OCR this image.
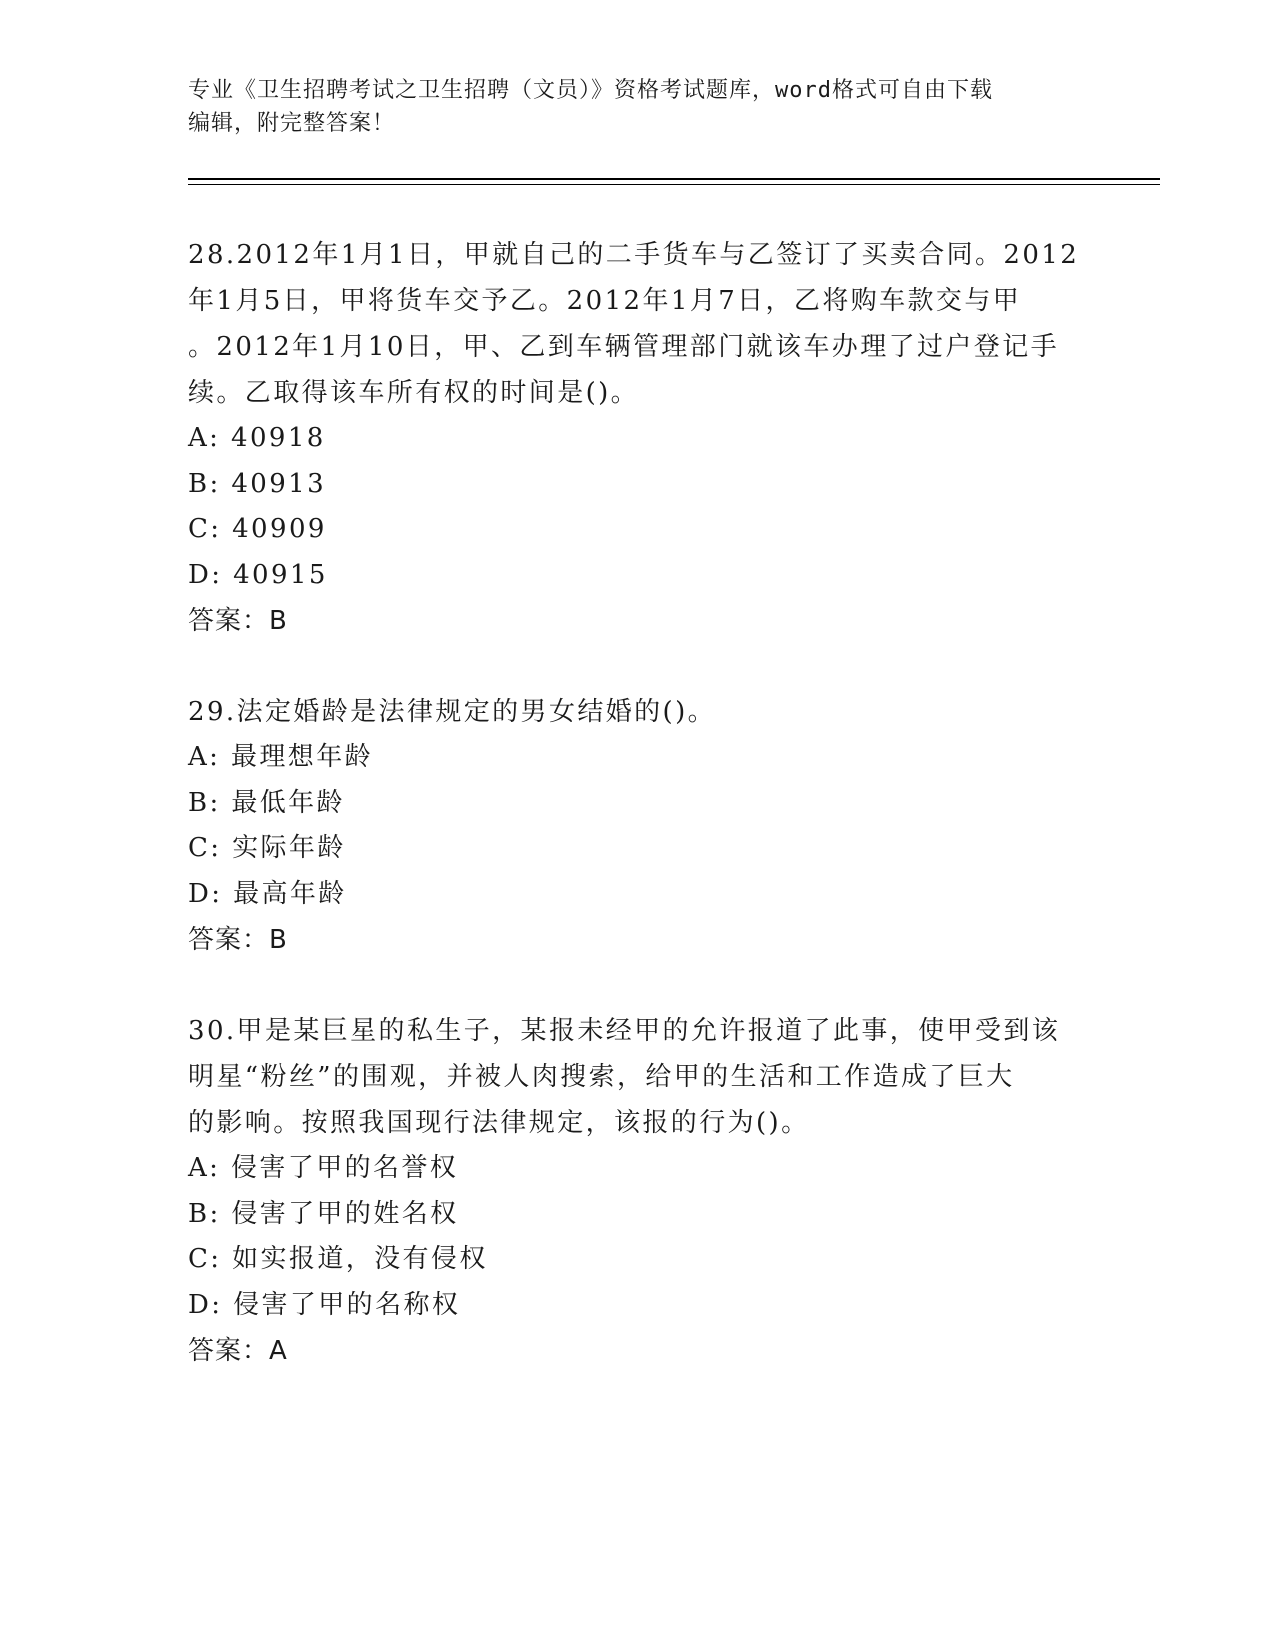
专业《卫生招聘考试之卫生招聘（文员）》资格考试题库，word格式可自由下载
编辑，附完整答案！

28.2012年1月1日，甲就自己的二手货车与乙签订了买卖合同。2012

年1月5日，甲将货车交予乙。2012年1月7日，乙将购车款交与甲

。2012年1月10日，甲、乙到车辆管理部门就该车办理了过户登记手

续。乙取得该车所有权的时间是()。

A: 40918

B: 40913

C: 40909

D: 40915

答案：B

29.法定婚龄是法律规定的男女结婚的()。

A: 最理想年龄

B: 最低年龄

C: 实际年龄

D: 最高年龄

答案：B

30.甲是某巨星的私生子，某报未经甲的允许报道了此事，使甲受到该

明星“粉丝”的围观，并被人肉搜索，给甲的生活和工作造成了巨大

的影响。按照我国现行法律规定，该报的行为()。

A: 侵害了甲的名誉权

B: 侵害了甲的姓名权

C: 如实报道，没有侵权

D: 侵害了甲的名称权

答案：A
